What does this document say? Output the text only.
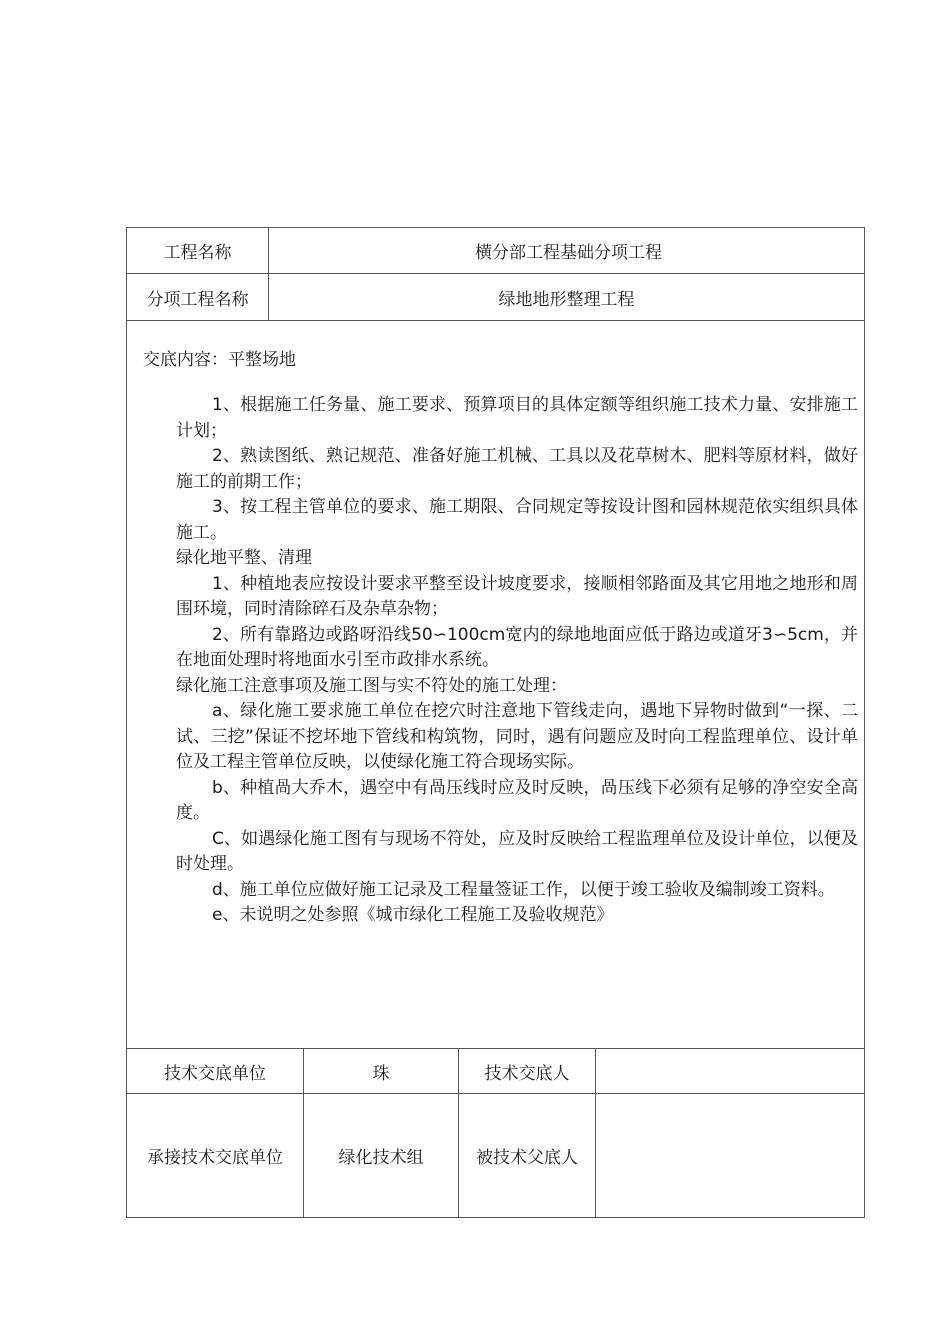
工程名称	横分部工程基础分项工程
分项工程名称	绿地地形整理工程
交底内容：平整场地

1、根据施工任务量、施工要求、预算项目的具体定额等组织施工技术力量、安排施工计划；

2、熟读图纸、熟记规范、准备好施工机械、工具以及花草树木、肥料等原材料，做好施工的前期工作；

3、按工程主管单位的要求、施工期限、合同规定等按设计图和园林规范依实组织具体施工。

绿化地平整、清理

1、种植地表应按设计要求平整至设计坡度要求，接顺相邻路面及其它用地之地形和周围环境，同时清除碎石及杂草杂物；

2、所有靠路边或路呀沿线50∽100cm宽内的绿地地面应低于路边或道牙3∽5cm，并在地面处理时将地面水引至市政排水系统。

绿化施工注意事项及施工图与实不符处的施工处理：

a、绿化施工要求施工单位在挖穴时注意地下管线走向，遇地下异物时做到“一探、二试、三挖”保证不挖坏地下管线和构筑物，同时，遇有问题应及时向工程监理单位、设计单位及工程主管单位反映，以使绿化施工符合现场实际。

b、种植咼大乔木，遇空中有咼压线时应及时反映，咼压线下必须有足够的净空安全高度。

C、如遇绿化施工图有与现场不符处，应及时反映给工程监理单位及设计单位，以便及时处理。

d、施工单位应做好施工记录及工程量签证工作，以便于竣工验收及编制竣工资料。

e、未说明之处参照《城市绿化工程施工及验收规范》

技术交底单位	珠	技术交底人
承接技术交底单位	绿化技术组	被技术父底人
